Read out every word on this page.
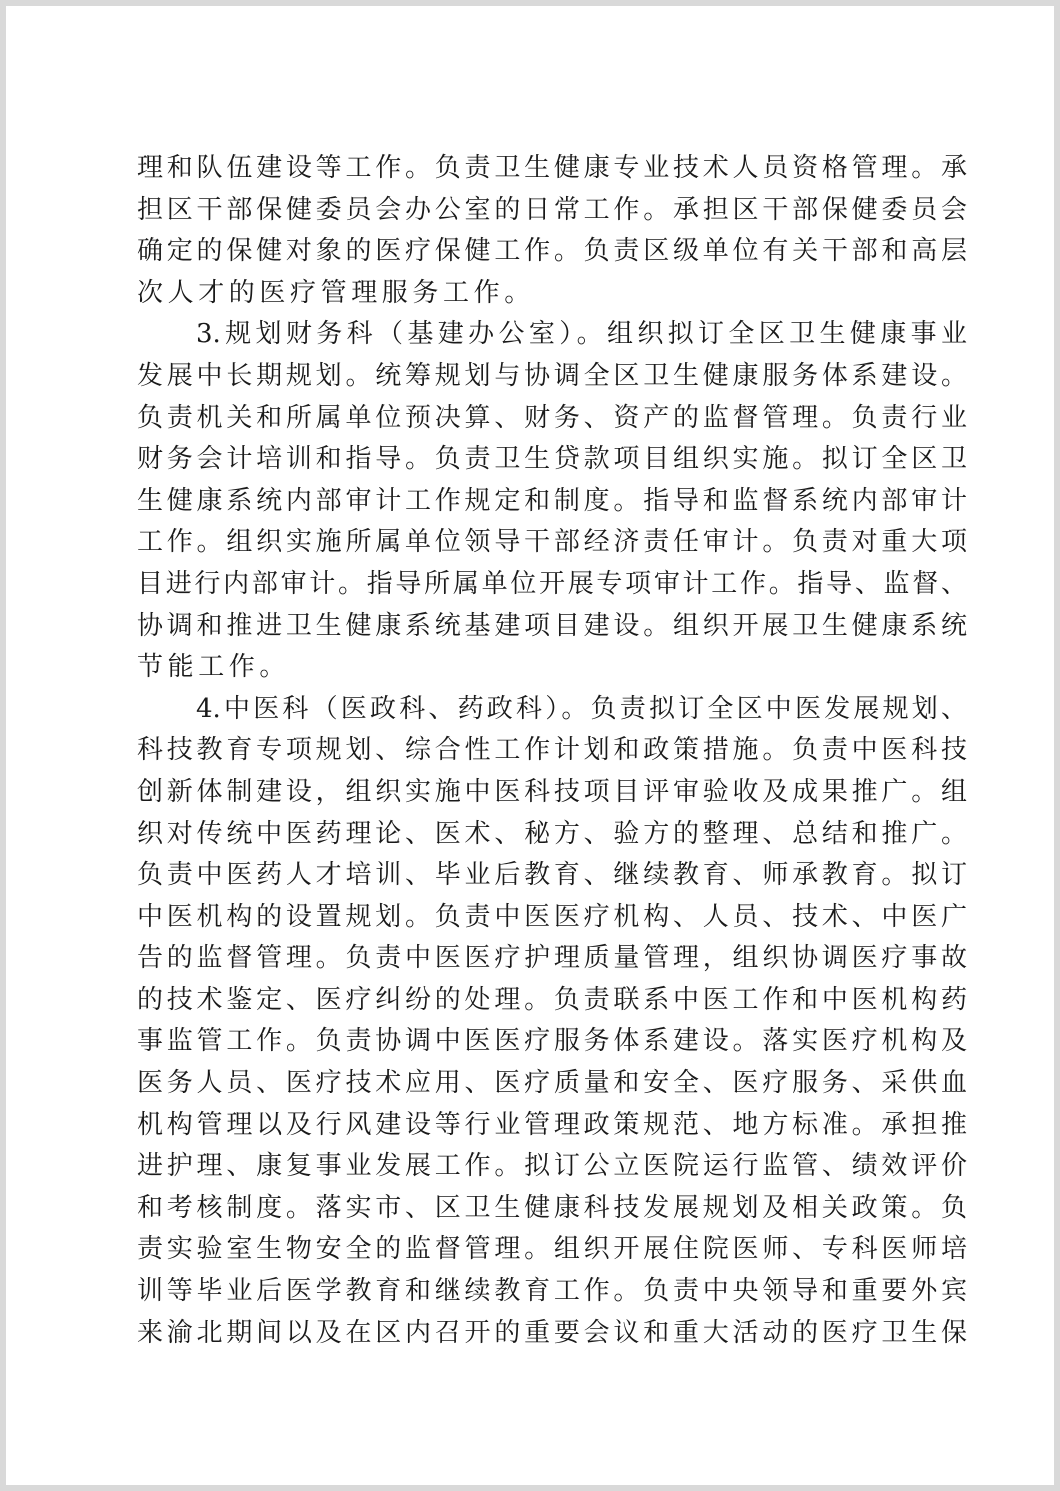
理和队伍建设等工作。负责卫生健康专业技术人员资格管理。承
担区干部保健委员会办公室的日常工作。承担区干部保健委员会
确定的保健对象的医疗保健工作。负责区级单位有关干部和高层
次人才的医疗管理服务工作。
3.规划财务科（基建办公室）。组织拟订全区卫生健康事业
发展中长期规划。统筹规划与协调全区卫生健康服务体系建设。
负责机关和所属单位预决算、财务、资产的监督管理。负责行业
财务会计培训和指导。负责卫生贷款项目组织实施。拟订全区卫
生健康系统内部审计工作规定和制度。指导和监督系统内部审计
工作。组织实施所属单位领导干部经济责任审计。负责对重大项
目进行内部审计。指导所属单位开展专项审计工作。指导、监督、
协调和推进卫生健康系统基建项目建设。组织开展卫生健康系统
节能工作。
4.中医科（医政科、药政科）。负责拟订全区中医发展规划、
科技教育专项规划、综合性工作计划和政策措施。负责中医科技
创新体制建设，组织实施中医科技项目评审验收及成果推广。组
织对传统中医药理论、医术、秘方、验方的整理、总结和推广。
负责中医药人才培训、毕业后教育、继续教育、师承教育。拟订
中医机构的设置规划。负责中医医疗机构、人员、技术、中医广
告的监督管理。负责中医医疗护理质量管理，组织协调医疗事故
的技术鉴定、医疗纠纷的处理。负责联系中医工作和中医机构药
事监管工作。负责协调中医医疗服务体系建设。落实医疗机构及
医务人员、医疗技术应用、医疗质量和安全、医疗服务、采供血
机构管理以及行风建设等行业管理政策规范、地方标准。承担推
进护理、康复事业发展工作。拟订公立医院运行监管、绩效评价
和考核制度。落实市、区卫生健康科技发展规划及相关政策。负
责实验室生物安全的监督管理。组织开展住院医师、专科医师培
训等毕业后医学教育和继续教育工作。负责中央领导和重要外宾
来渝北期间以及在区内召开的重要会议和重大活动的医疗卫生保
